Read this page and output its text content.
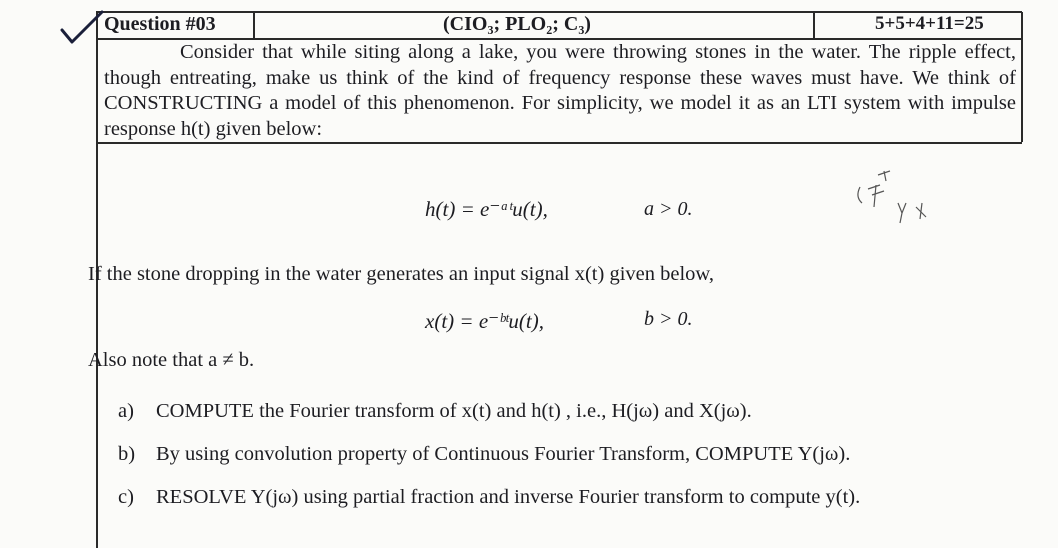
Question #03	(CIO₃; PLO₂; C₃)	5+5+4+11=25
Consider that while siting along a lake, you were throwing stones in the water. The ripple effect, though entreating, make us think of the kind of frequency response these waves must have. We think of CONSTRUCTING a model of this phenomenon. For simplicity, we model it as an LTI system with impulse response h(t) given below:
h(t) = e⁻ᵃᵗu(t),	a > 0.
If the stone dropping in the water generates an input signal x(t) given below,
x(t) = e⁻ᵇᵗu(t),	b > 0.
Also note that a ≠ b.
a)	COMPUTE the Fourier transform of x(t) and h(t) , i.e., H(jω) and X(jω).
b)	By using convolution property of Continuous Fourier Transform, COMPUTE Y(jω).
c)	RESOLVE Y(jω) using partial fraction and inverse Fourier transform to compute y(t).
